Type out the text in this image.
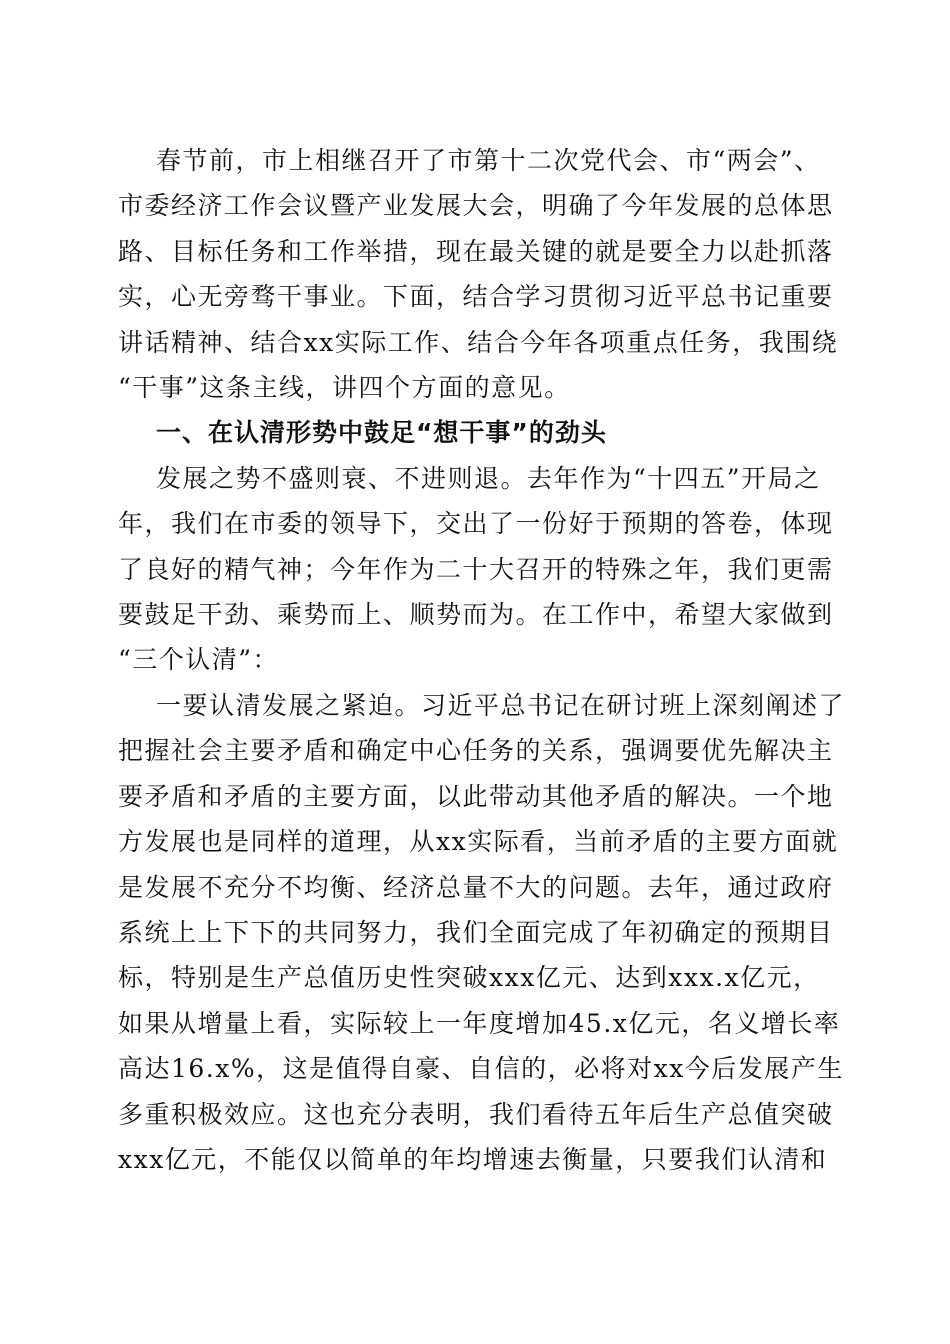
春节前，市上相继召开了市第十二次党代会、市“两会”、
市委经济工作会议暨产业发展大会，明确了今年发展的总体思
路、目标任务和工作举措，现在最关键的就是要全力以赴抓落
实，心无旁骛干事业。下面，结合学习贯彻习近平总书记重要
讲话精神、结合xx实际工作、结合今年各项重点任务，我围绕
“干事”这条主线，讲四个方面的意见。

一、在认清形势中鼓足“想干事”的劲头

发展之势不盛则衰、不进则退。去年作为“十四五”开局之
年，我们在市委的领导下，交出了一份好于预期的答卷，体现
了良好的精气神；今年作为二十大召开的特殊之年，我们更需
要鼓足干劲、乘势而上、顺势而为。在工作中，希望大家做到
“三个认清”：

一要认清发展之紧迫。习近平总书记在研讨班上深刻阐述了
把握社会主要矛盾和确定中心任务的关系，强调要优先解决主
要矛盾和矛盾的主要方面，以此带动其他矛盾的解决。一个地
方发展也是同样的道理，从xx实际看，当前矛盾的主要方面就
是发展不充分不均衡、经济总量不大的问题。去年，通过政府
系统上上下下的共同努力，我们全面完成了年初确定的预期目
标，特别是生产总值历史性突破xxx亿元、达到xxx.x亿元，
如果从增量上看，实际较上一年度增加45.x亿元，名义增长率
高达16.x%，这是值得自豪、自信的，必将对xx今后发展产生
多重积极效应。这也充分表明，我们看待五年后生产总值突破
xxx亿元，不能仅以简单的年均增速去衡量，只要我们认清和
